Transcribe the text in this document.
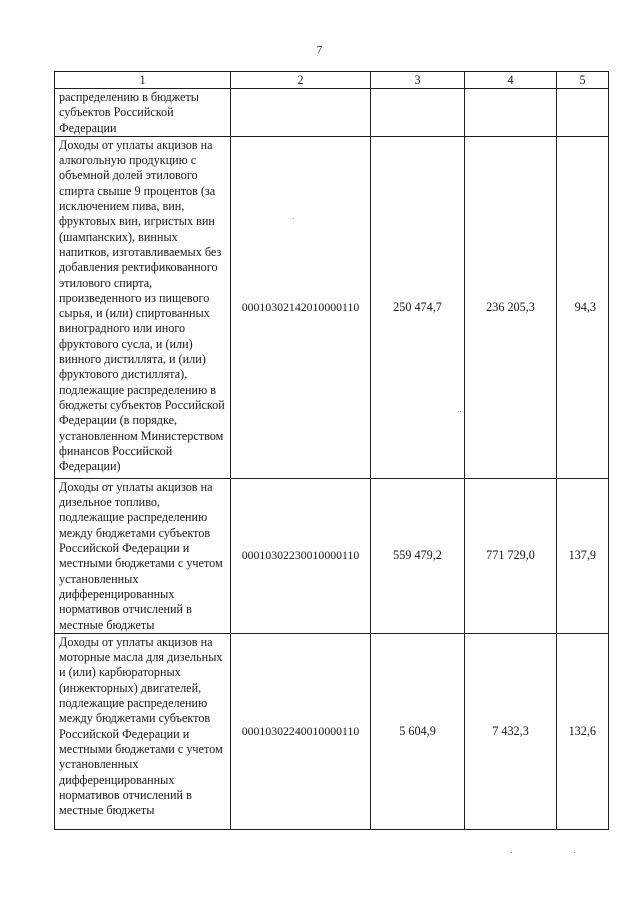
7
1	2	3	4	5
распределению в бюджеты субъектов Российской Федерации				
Доходы от уплаты акцизов на алкогольную продукцию с объемной долей этилового спирта свыше 9 процентов (за исключением пива, вин, фруктовых вин, игристых вин (шампанских), винных напитков, изготавливаемых без добавления ректификованного этилового спирта, произведенного из пищевого сырья, и (или) спиртованных виноградного или иного фруктового сусла, и (или) винного дистиллята, и (или) фруктового дистиллята), подлежащие распределению в бюджеты субъектов Российской Федерации (в порядке, установленном Министерством финансов Российской Федерации)	00010302142010000110	250 474,7	236 205,3	94,3
Доходы от уплаты акцизов на дизельное топливо, подлежащие распределению между бюджетами субъектов Российской Федерации и местными бюджетами с учетом установленных дифференцированных нормативов отчислений в местные бюджеты	00010302230010000110	559 479,2	771 729,0	137,9
Доходы от уплаты акцизов на моторные масла для дизельных и (или) карбюраторных (инжекторных) двигателей, подлежащие распределению между бюджетами субъектов Российской Федерации и местными бюджетами с учетом установленных дифференцированных нормативов отчислений в местные бюджеты	00010302240010000110	5 604,9	7 432,3	132,6
